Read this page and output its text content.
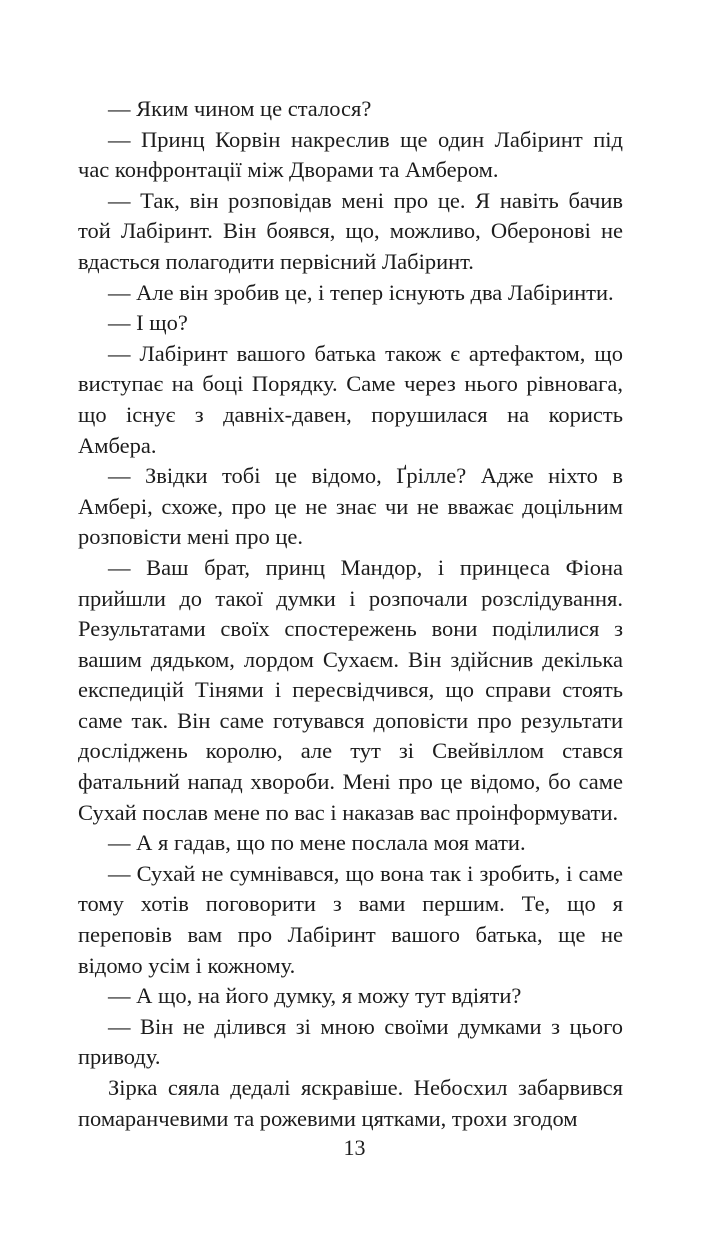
— Яким чином це сталося?

— Принц Корвін накреслив ще один Лабіринт під час конфронтації між Дворами та Амбером.

— Так, він розповідав мені про це. Я навіть бачив той Лабіринт. Він боявся, що, можливо, Оберонові не вдасться полагодити первісний Лабіринт.

— Але він зробив це, і тепер існують два Лабіринти.

— І що?

— Лабіринт вашого батька також є артефактом, що виступає на боці Порядку. Саме через нього рівновага, що існує з давніх-давен, порушилася на користь Амбера.

— Звідки тобі це відомо, Ґрілле? Адже ніхто в Амбері, схоже, про це не знає чи не вважає доцільним розповісти мені про це.

— Ваш брат, принц Мандор, і принцеса Фіона прийшли до такої думки і розпочали розслідування. Результатами своїх спостережень вони поділилися з вашим дядьком, лордом Сухаєм. Він здійснив декілька експедицій Тінями і пересвідчився, що справи стоять саме так. Він саме готувався доповісти про результати досліджень королю, але тут зі Свейвіллом стався фатальний напад хвороби. Мені про це відомо, бо саме Сухай послав мене по вас і наказав вас проінформувати.

— А я гадав, що по мене послала моя мати.

— Сухай не сумнівався, що вона так і зробить, і саме тому хотів поговорити з вами першим. Те, що я переповів вам про Лабіринт вашого батька, ще не відомо усім і кожному.

— А що, на його думку, я можу тут вдіяти?

— Він не ділився зі мною своїми думками з цього приводу.

Зірка сяяла дедалі яскравіше. Небосхил забарвився помаранчевими та рожевими цятками, трохи згодом

13
